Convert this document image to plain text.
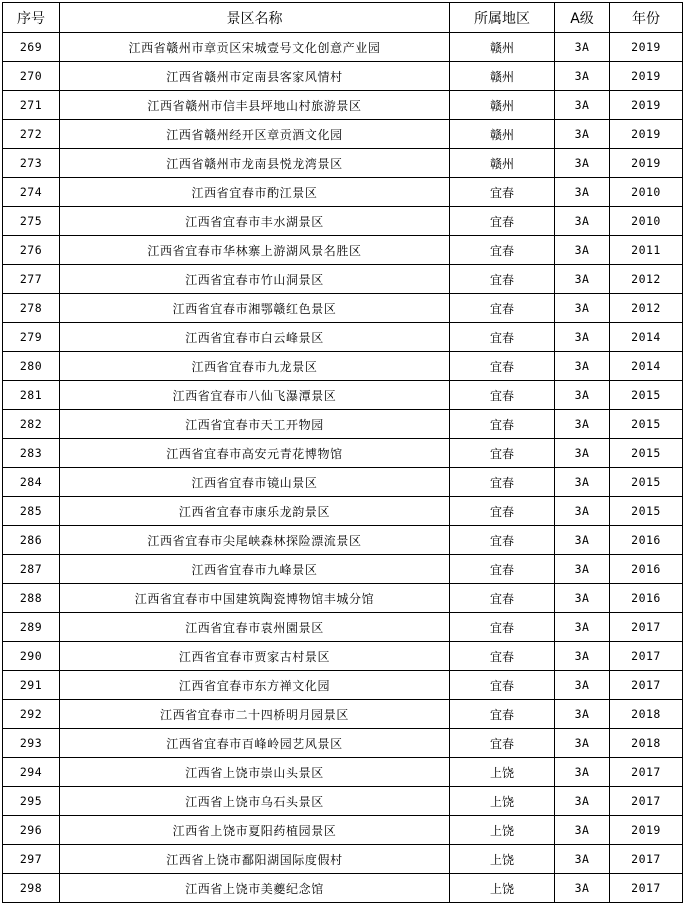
序号	景区名称	所属地区	A级	年份
269	江西省赣州市章贡区宋城壹号文化创意产业园	赣州	3A	2019
270	江西省赣州市定南县客家风情村	赣州	3A	2019
271	江西省赣州市信丰县坪地山村旅游景区	赣州	3A	2019
272	江西省赣州经开区章贡酒文化园	赣州	3A	2019
273	江西省赣州市龙南县悦龙湾景区	赣州	3A	2019
274	江西省宜春市酌江景区	宜春	3A	2010
275	江西省宜春市丰水湖景区	宜春	3A	2010
276	江西省宜春市华林寨上游湖风景名胜区	宜春	3A	2011
277	江西省宜春市竹山洞景区	宜春	3A	2012
278	江西省宜春市湘鄂赣红色景区	宜春	3A	2012
279	江西省宜春市白云峰景区	宜春	3A	2014
280	江西省宜春市九龙景区	宜春	3A	2014
281	江西省宜春市八仙飞瀑潭景区	宜春	3A	2015
282	江西省宜春市天工开物园	宜春	3A	2015
283	江西省宜春市高安元青花博物馆	宜春	3A	2015
284	江西省宜春市镜山景区	宜春	3A	2015
285	江西省宜春市康乐龙韵景区	宜春	3A	2015
286	江西省宜春市尖尾峡森林探险漂流景区	宜春	3A	2016
287	江西省宜春市九峰景区	宜春	3A	2016
288	江西省宜春市中国建筑陶瓷博物馆丰城分馆	宜春	3A	2016
289	江西省宜春市袁州園景区	宜春	3A	2017
290	江西省宜春市贾家古村景区	宜春	3A	2017
291	江西省宜春市东方禅文化园	宜春	3A	2017
292	江西省宜春市二十四桥明月园景区	宜春	3A	2018
293	江西省宜春市百峰岭园艺风景区	宜春	3A	2018
294	江西省上饶市崇山头景区	上饶	3A	2017
295	江西省上饶市乌石头景区	上饶	3A	2017
296	江西省上饶市夏阳药植园景区	上饶	3A	2019
297	江西省上饶市鄱阳湖国际度假村	上饶	3A	2017
298	江西省上饶市美夔纪念馆	上饶	3A	2017
